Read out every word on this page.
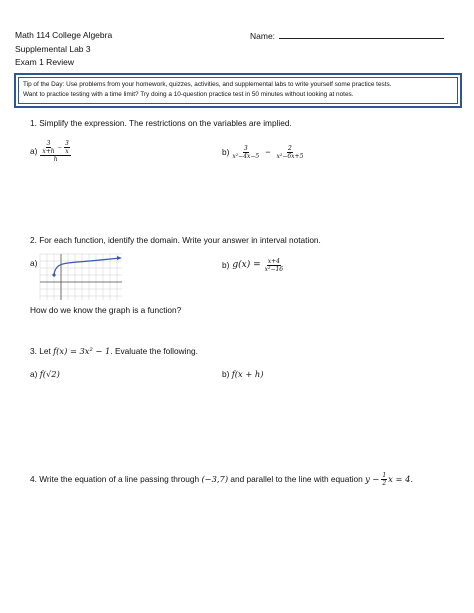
Math 114 College Algebra
Supplemental Lab 3
Exam 1 Review
Name:
Tip of the Day: Use problems from your homework, quizzes, activities, and supplemental labs to write yourself some practice tests.
Want to practice testing with a time limit? Try doing a 10-question practice test in 50 minutes without looking at notes.
1. Simplify the expression. The restrictions on the variables are implied.
$a) \frac{\frac{3}{x+h} - \frac{3}{x}}{h}$	$b) \frac{3}{\text{x²−4x−5}} - \frac{2}{\text{x²−6x+5}}$
2. For each function, identify the domain. Write your answer in interval notation.
a)	b) $g(x) = \frac{x+4}{\text{x²−16}}$
How do we know the graph is a function?
3. Let f(x) = 3x² − 1. Evaluate the following.
a) f(√2)	b) f(x + h)
4. Write the equation of a line passing through (−3,7) and parallel to the line with equation $y - \frac{1}{2}$ x = 4.
